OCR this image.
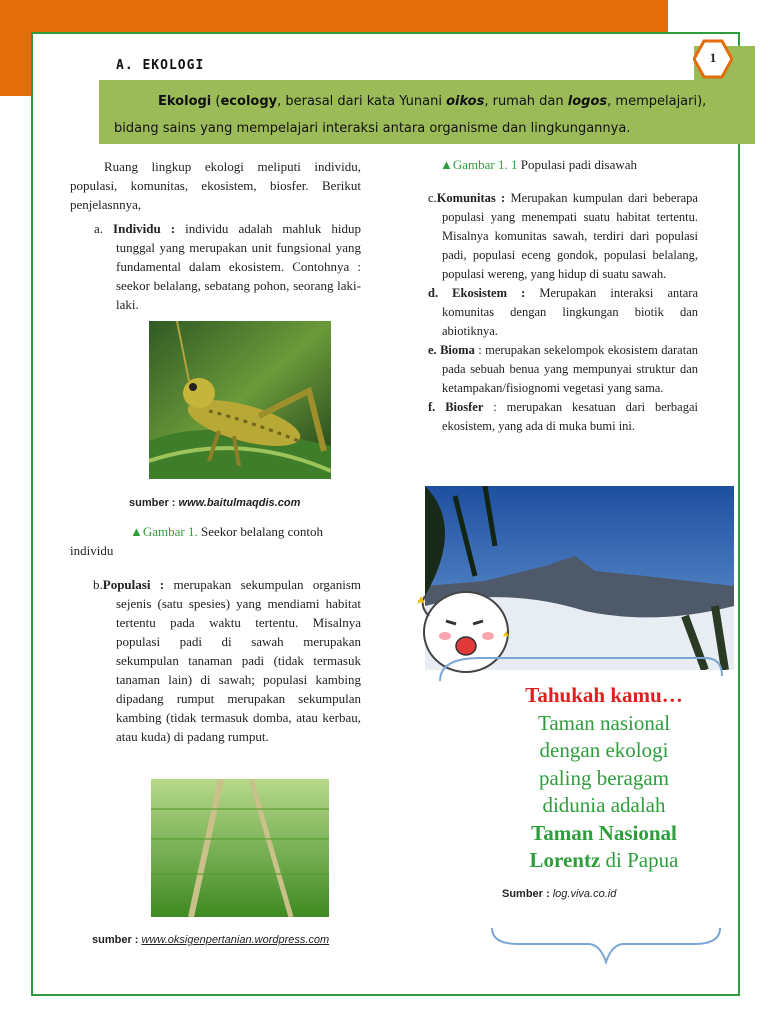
A. EKOLOGI
1
Ekologi (ecology, berasal dari kata Yunani oikos, rumah dan logos, mempelajari),
bidang sains yang mempelajari interaksi antara organisme dan lingkungannya.
Ruang lingkup ekologi meliputi individu, populasi, komunitas, ekosistem, biosfer. Berikut penjelasnnya,
a. Individu : individu adalah mahluk hidup tunggal yang merupakan unit fungsional yang fundamental dalam ekosistem. Contohnya : seekor belalang, sebatang pohon, seorang laki-laki.
sumber : www.baitulmaqdis.com
▲Gambar 1. Seekor belalang contoh
individu
b.Populasi : merupakan sekumpulan organism sejenis (satu spesies) yang mendiami habitat tertentu pada waktu tertentu. Misalnya populasi padi di sawah merupakan sekumpulan tanaman padi (tidak termasuk tanaman lain) di sawah; populasi kambing dipadang rumput merupakan sekumpulan kambing (tidak termasuk domba, atau kerbau, atau kuda) di padang rumput.
sumber : www.oksigenpertanian.wordpress.com
▲Gambar 1. 1 Populasi padi disawah
c.Komunitas : Merupakan kumpulan dari beberapa populasi yang menempati suatu habitat tertentu. Misalnya komunitas sawah, terdiri dari populasi padi, populasi eceng gondok, populasi belalang, populasi wereng, yang hidup di suatu sawah.
d. Ekosistem : Merupakan interaksi antara komunitas dengan lingkungan biotik dan abiotiknya.
e. Bioma : merupakan sekelompok ekosistem daratan pada sebuah benua yang mempunyai struktur dan ketampakan/fisiognomi vegetasi yang sama.
f. Biosfer : merupakan kesatuan dari berbagai ekosistem, yang ada di muka bumi ini.
Tahukah kamu…
Taman nasional
dengan ekologi
paling beragam
didunia adalah
Taman Nasional
Lorentz di Papua
Sumber : log.viva.co.id
